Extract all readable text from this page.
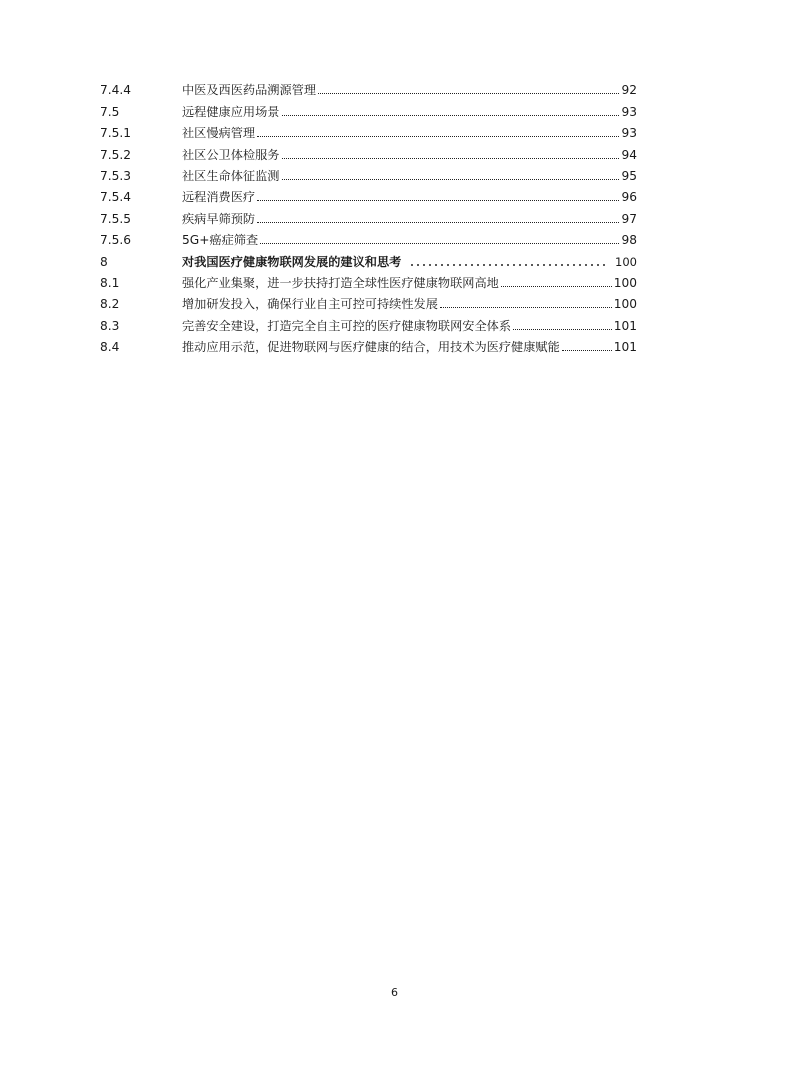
7.4.4	中医及西医药品溯源管理	92
7.5	远程健康应用场景	93
7.5.1	社区慢病管理	93
7.5.2	社区公卫体检服务	94
7.5.3	社区生命体征监测	95
7.5.4	远程消费医疗	96
7.5.5	疾病早筛预防	97
7.5.6	5G+癌症筛查	98
8	对我国医疗健康物联网发展的建议和思考	100
8.1	强化产业集聚，进一步扶持打造全球性医疗健康物联网高地	100
8.2	增加研发投入，确保行业自主可控可持续性发展	100
8.3	完善安全建设，打造完全自主可控的医疗健康物联网安全体系	101
8.4	推动应用示范，促进物联网与医疗健康的结合，用技术为医疗健康赋能	101
6
